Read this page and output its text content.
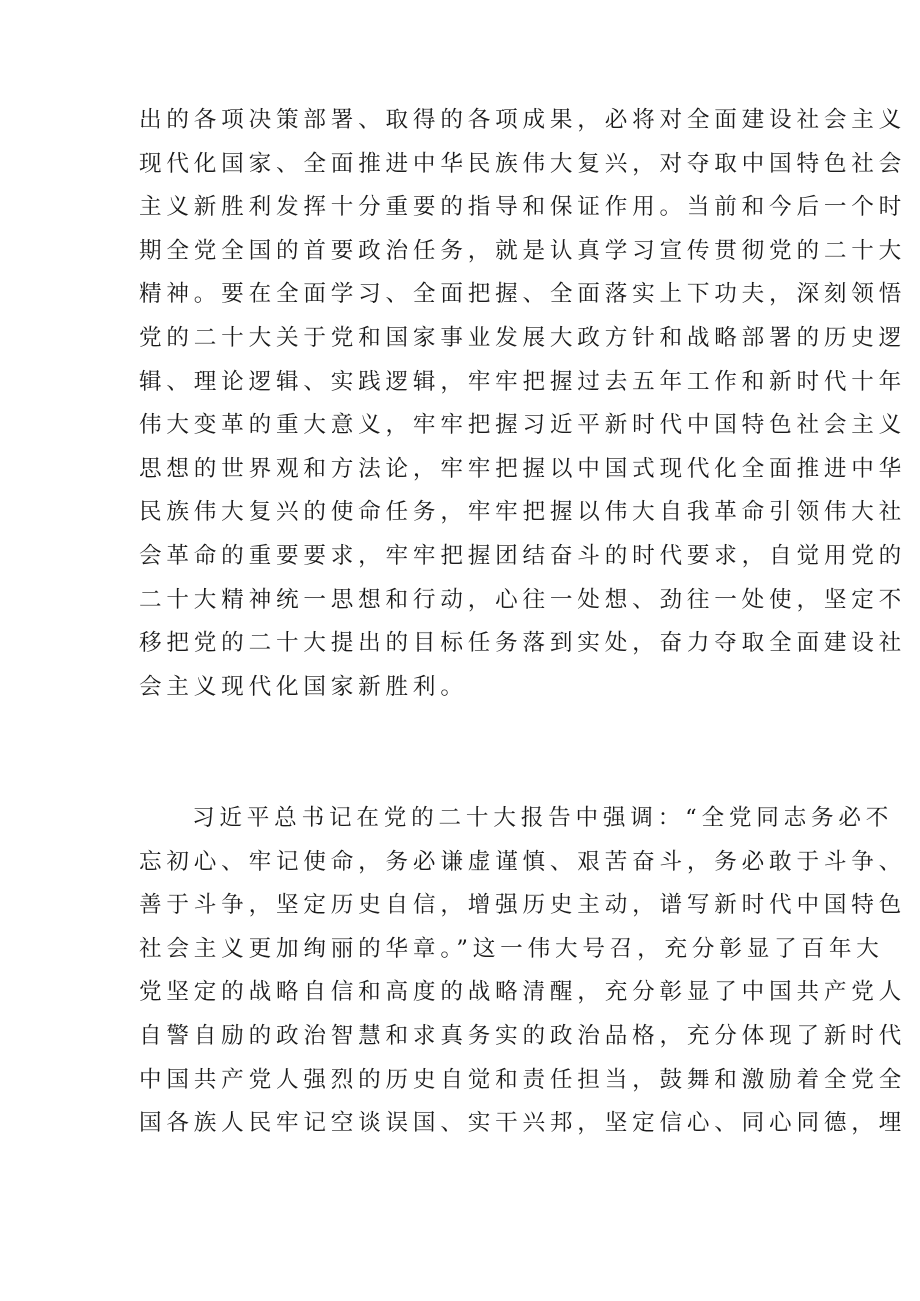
出的各项决策部署、取得的各项成果，必将对全面建设社会主义
现代化国家、全面推进中华民族伟大复兴，对夺取中国特色社会
主义新胜利发挥十分重要的指导和保证作用。当前和今后一个时
期全党全国的首要政治任务，就是认真学习宣传贯彻党的二十大
精神。要在全面学习、全面把握、全面落实上下功夫，深刻领悟
党的二十大关于党和国家事业发展大政方针和战略部署的历史逻
辑、理论逻辑、实践逻辑，牢牢把握过去五年工作和新时代十年
伟大变革的重大意义，牢牢把握习近平新时代中国特色社会主义
思想的世界观和方法论，牢牢把握以中国式现代化全面推进中华
民族伟大复兴的使命任务，牢牢把握以伟大自我革命引领伟大社
会革命的重要要求，牢牢把握团结奋斗的时代要求，自觉用党的
二十大精神统一思想和行动，心往一处想、劲往一处使，坚定不
移把党的二十大提出的目标任务落到实处，奋力夺取全面建设社
会主义现代化国家新胜利。

习近平总书记在党的二十大报告中强调：“全党同志务必不
忘初心、牢记使命，务必谦虚谨慎、艰苦奋斗，务必敢于斗争、
善于斗争，坚定历史自信，增强历史主动，谱写新时代中国特色
社会主义更加绚丽的华章。”这一伟大号召，充分彰显了百年大
党坚定的战略自信和高度的战略清醒，充分彰显了中国共产党人
自警自励的政治智慧和求真务实的政治品格，充分体现了新时代
中国共产党人强烈的历史自觉和责任担当，鼓舞和激励着全党全
国各族人民牢记空谈误国、实干兴邦，坚定信心、同心同德，埋
